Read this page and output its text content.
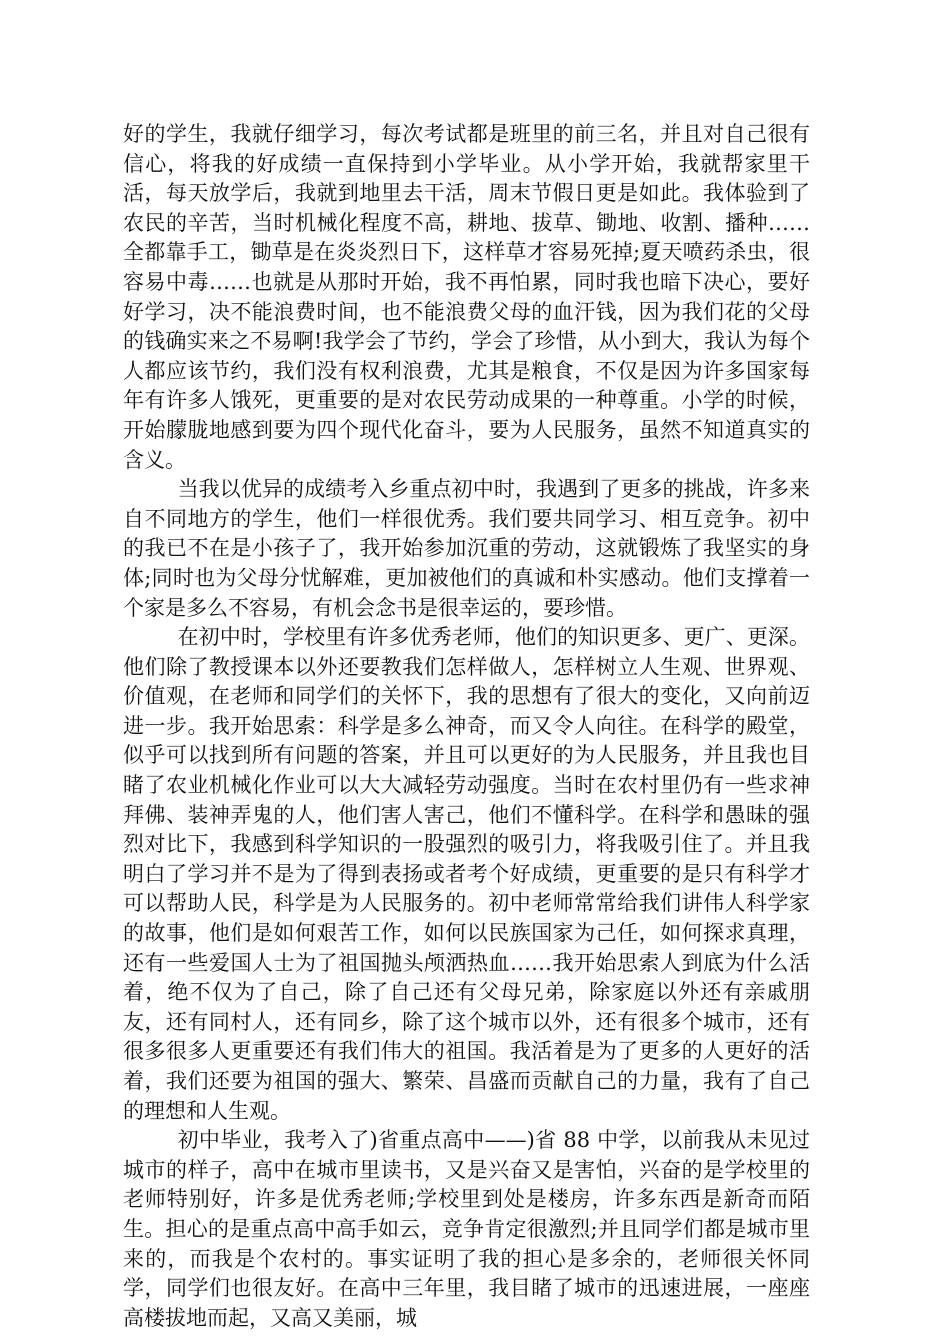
好的学生，我就仔细学习，每次考试都是班里的前三名，并且对自己很有信心，将我的好成绩一直保持到小学毕业。从小学开始，我就帮家里干活，每天放学后，我就到地里去干活，周末节假日更是如此。我体验到了农民的辛苦，当时机械化程度不高，耕地、拔草、锄地、收割、播种……全都靠手工，锄草是在炎炎烈日下，这样草才容易死掉;夏天喷药杀虫，很容易中毒……也就是从那时开始，我不再怕累，同时我也暗下决心，要好好学习，决不能浪费时间，也不能浪费父母的血汗钱，因为我们花的父母的钱确实来之不易啊!我学会了节约，学会了珍惜，从小到大，我认为每个人都应该节约，我们没有权利浪费，尤其是粮食，不仅是因为许多国家每年有许多人饿死，更重要的是对农民劳动成果的一种尊重。小学的时候，开始朦胧地感到要为四个现代化奋斗，要为人民服务，虽然不知道真实的含义。

当我以优异的成绩考入乡重点初中时，我遇到了更多的挑战，许多来自不同地方的学生，他们一样很优秀。我们要共同学习、相互竞争。初中的我已不在是小孩子了，我开始参加沉重的劳动，这就锻炼了我坚实的身体;同时也为父母分忧解难，更加被他们的真诚和朴实感动。他们支撑着一个家是多么不容易，有机会念书是很幸运的，要珍惜。

在初中时，学校里有许多优秀老师，他们的知识更多、更广、更深。他们除了教授课本以外还要教我们怎样做人，怎样树立人生观、世界观、价值观，在老师和同学们的关怀下，我的思想有了很大的变化，又向前迈进一步。我开始思索：科学是多么神奇，而又令人向往。在科学的殿堂，似乎可以找到所有问题的答案，并且可以更好的为人民服务，并且我也目睹了农业机械化作业可以大大减轻劳动强度。当时在农村里仍有一些求神拜佛、装神弄鬼的人，他们害人害己，他们不懂科学。在科学和愚昧的强烈对比下，我感到科学知识的一股强烈的吸引力，将我吸引住了。并且我明白了学习并不是为了得到表扬或者考个好成绩，更重要的是只有科学才可以帮助人民，科学是为人民服务的。初中老师常常给我们讲伟人科学家的故事，他们是如何艰苦工作，如何以民族国家为己任，如何探求真理，还有一些爱国人士为了祖国抛头颅洒热血……我开始思索人到底为什么活着，绝不仅为了自己，除了自己还有父母兄弟，除家庭以外还有亲戚朋友，还有同村人，还有同乡，除了这个城市以外，还有很多个城市，还有很多很多人更重要还有我们伟大的祖国。我活着是为了更多的人更好的活着，我们还要为祖国的强大、繁荣、昌盛而贡献自己的力量，我有了自己的理想和人生观。

初中毕业，我考入了)省重点高中——)省 88 中学，以前我从未见过城市的样子，高中在城市里读书，又是兴奋又是害怕，兴奋的是学校里的老师特别好，许多是优秀老师;学校里到处是楼房，许多东西是新奇而陌生。担心的是重点高中高手如云，竞争肯定很激烈;并且同学们都是城市里来的，而我是个农村的。事实证明了我的担心是多余的，老师很关怀同学，同学们也很友好。在高中三年里，我目睹了城市的迅速进展，一座座高楼拔地而起，又高又美丽，城
